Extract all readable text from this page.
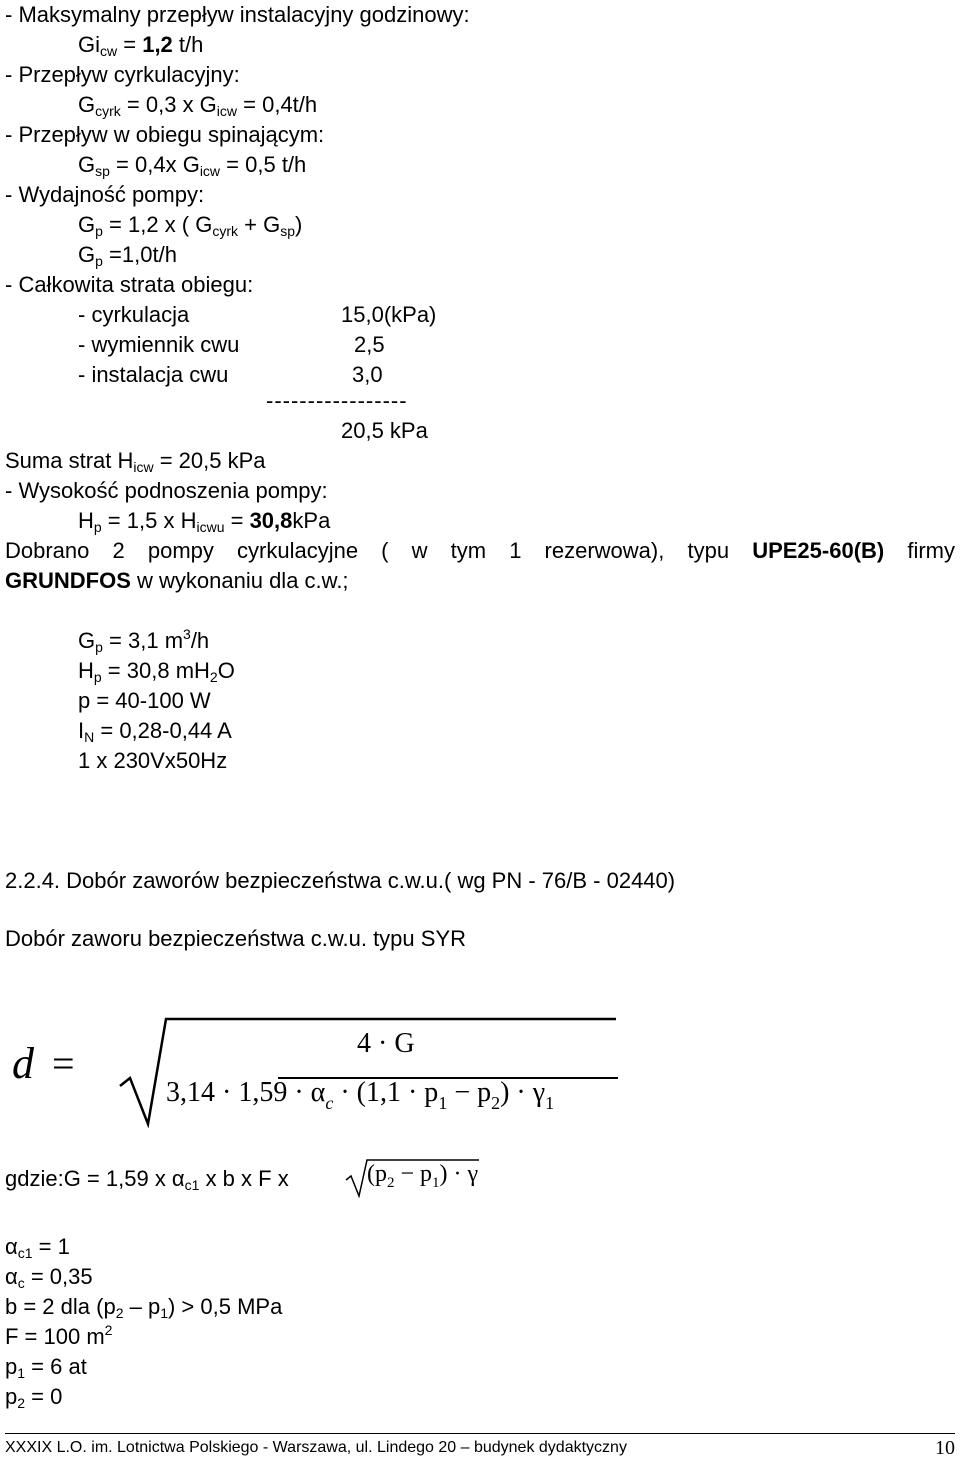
- Maksymalny przepływ instalacyjny godzinowy:
$Gi_{cw} = 1,2$ t/h
- Przepływ cyrkulacyjny:
$G_{cyrk} = 0,3$ x $G_{icw} = 0,4t/h$
- Przepływ w obiegu spinającym:
$G_{sp} = 0,4x$ $G_{icw} = 0,5$ t/h
- Wydajność pompy:
$G_p = 1,2$ x ( $G_{cyrk} + G_{sp}$)
$G_p =1,0t/h$
- Całkowita strata obiegu:
- cyrkulacja	15,0(kPa)
- wymiennik cwu	2,5
- instalacja cwu	3,0
-----------------
20,5 kPa
Suma strat $H_{icw} = 20,5$ kPa
- Wysokość podnoszenia pompy:
$H_p = 1,5$ x $H_{icwu} = 30,8kPa$
Dobrano 2 pompy cyrkulacyjne ( w tym 1 rezerwowa), typu UPE25-60(B) firmy
GRUNDFOS w wykonaniu dla c.w.;
$G_p = 3,1$ $m^3/h$
$H_p = 30,8$ $mH_2O$
p = 40-100 W
$I_N = 0,28-0,44$ A
1 x 230Vx50Hz
2.2.4. Dobór zaworów bezpieczeństwa c.w.u.( wg PN - 76/B - 02440)
Dobór zaworu bezpieczeństwa c.w.u. typu SYR
d =	4 · G
$3,14 \cdot 1,59 \cdot \alpha_c \cdot (1,1 \cdot p_1 - p_2) \cdot \gamma_1$
gdzie:G = 1,59 x $\alpha_{c1}$ x b x F x	$(p_2 - p_1) \cdot \gamma$
$\alpha_{c1} = 1$
$\alpha_c = 0,35$
b = 2 dla $(p_2 - p_1) > 0,5$ MPa
F = 100 $m^2$
$p_1 = 6$ at
$p_2 = 0$
XXXIX L.O. im. Lotnictwa Polskiego - Warszawa, ul. Lindego 20 – budynek dydaktyczny	10
